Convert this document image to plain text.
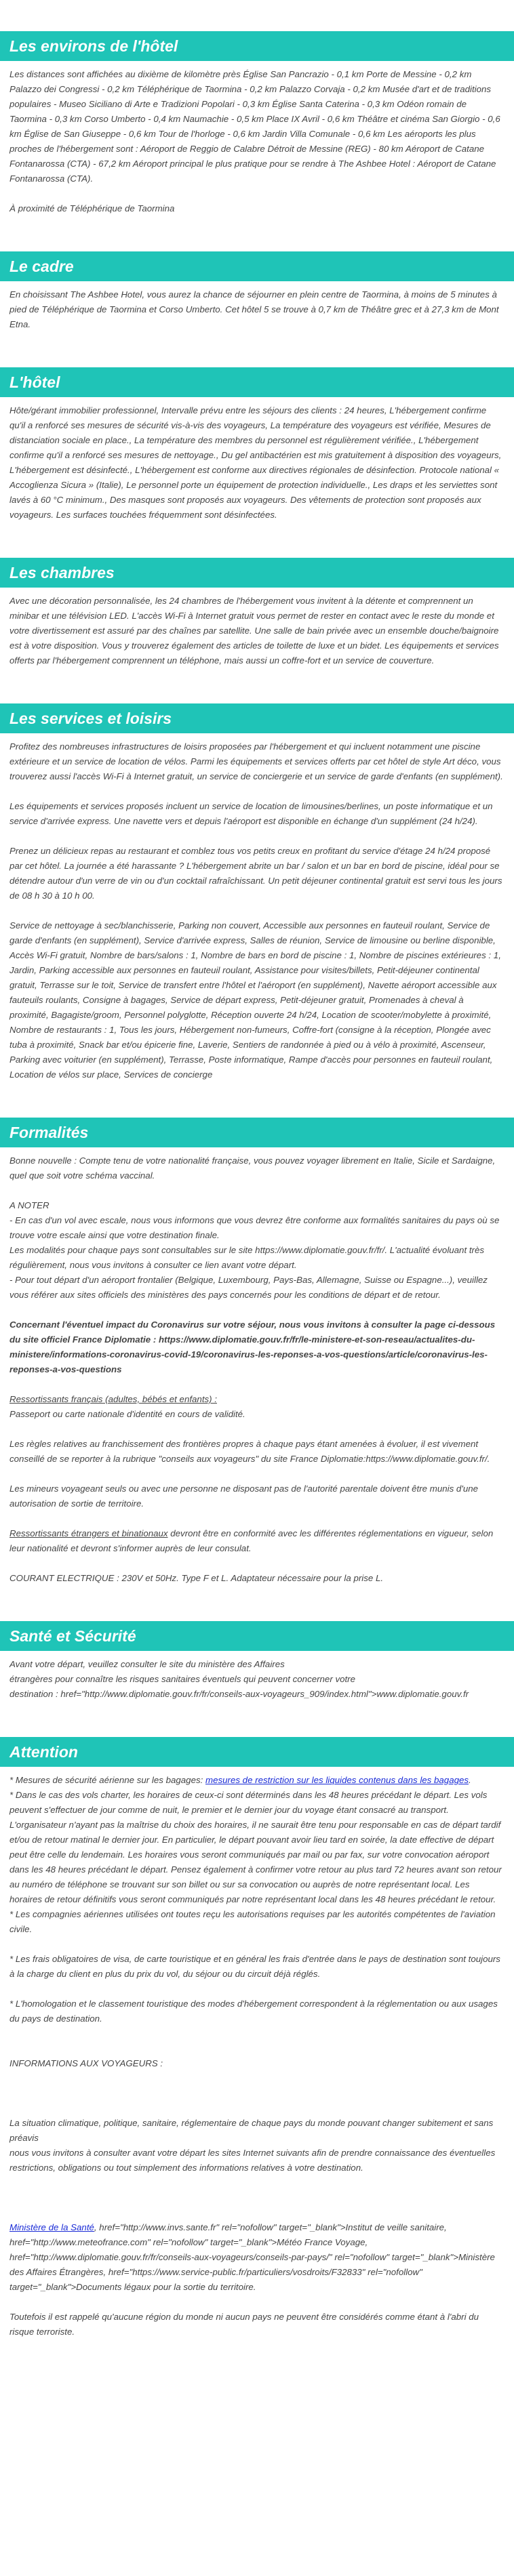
Les environs de l'hôtel

Les distances sont affichées au dixième de kilomètre près Église San Pancrazio - 0,1 km Porte de Messine - 0,2 km Palazzo dei Congressi - 0,2 km Téléphérique de Taormina - 0,2 km Palazzo Corvaja - 0,2 km Musée d'art et de traditions populaires - Museo Siciliano di Arte e Tradizioni Popolari - 0,3 km Église Santa Caterina - 0,3 km Odéon romain de Taormina - 0,3 km Corso Umberto - 0,4 km Naumachie - 0,5 km Place IX Avril - 0,6 km Théâtre et cinéma San Giorgio - 0,6 km Église de San Giuseppe - 0,6 km Tour de l'horloge - 0,6 km Jardin Villa Comunale - 0,6 km Les aéroports les plus proches de l'hébergement sont : Aéroport de Reggio de Calabre Détroit de Messine (REG) - 80 km Aéroport de Catane Fontanarossa (CTA) - 67,2 km Aéroport principal le plus pratique pour se rendre à The Ashbee Hotel : Aéroport de Catane Fontanarossa (CTA).

À proximité de Téléphérique de Taormina

Le cadre

En choisissant The Ashbee Hotel, vous aurez la chance de séjourner en plein centre de Taormina, à moins de 5 minutes à pied de Téléphérique de Taormina et Corso Umberto. Cet hôtel 5 se trouve à 0,7 km de Théâtre grec et à 27,3 km de Mont Etna.

L'hôtel

Hôte/gérant immobilier professionnel, Intervalle prévu entre les séjours des clients : 24 heures, L'hébergement confirme qu'il a renforcé ses mesures de sécurité vis-à-vis des voyageurs, La température des voyageurs est vérifiée, Mesures de distanciation sociale en place., La température des membres du personnel est régulièrement vérifiée., L'hébergement confirme qu'il a renforcé ses mesures de nettoyage., Du gel antibactérien est mis gratuitement à disposition des voyageurs, L'hébergement est désinfecté., L'hébergement est conforme aux directives régionales de désinfection. Protocole national « Accoglienza Sicura » (Italie), Le personnel porte un équipement de protection individuelle., Les draps et les serviettes sont lavés à 60 °C minimum., Des masques sont proposés aux voyageurs. Des vêtements de protection sont proposés aux voyageurs. Les surfaces touchées fréquemment sont désinfectées.

Les chambres

Avec une décoration personnalisée, les 24 chambres de l'hébergement vous invitent à la détente et comprennent un minibar et une télévision LED. L'accès Wi-Fi à Internet gratuit vous permet de rester en contact avec le reste du monde et votre divertissement est assuré par des chaînes par satellite. Une salle de bain privée avec un ensemble douche/baignoire est à votre disposition. Vous y trouverez également des articles de toilette de luxe et un bidet. Les équipements et services offerts par l'hébergement comprennent un téléphone, mais aussi un coffre-fort et un service de couverture.

Les services et loisirs

Profitez des nombreuses infrastructures de loisirs proposées par l'hébergement et qui incluent notamment une piscine extérieure et un service de location de vélos. Parmi les équipements et services offerts par cet hôtel de style Art déco, vous trouverez aussi l'accès Wi-Fi à Internet gratuit, un service de conciergerie et un service de garde d'enfants (en supplément).

Les équipements et services proposés incluent un service de location de limousines/berlines, un poste informatique et un service d'arrivée express. Une navette vers et depuis l'aéroport est disponible en échange d'un supplément (24 h/24).

Prenez un délicieux repas au restaurant et comblez tous vos petits creux en profitant du service d'étage 24 h/24 proposé par cet hôtel. La journée a été harassante ? L'hébergement abrite un bar / salon et un bar en bord de piscine, idéal pour se détendre autour d'un verre de vin ou d'un cocktail rafraîchissant. Un petit déjeuner continental gratuit est servi tous les jours de 08 h 30 à 10 h 00.

Service de nettoyage à sec/blanchisserie, Parking non couvert, Accessible aux personnes en fauteuil roulant, Service de garde d'enfants (en supplément), Service d'arrivée express, Salles de réunion, Service de limousine ou berline disponible, Accès Wi-Fi gratuit, Nombre de bars/salons : 1, Nombre de bars en bord de piscine : 1, Nombre de piscines extérieures : 1, Jardin, Parking accessible aux personnes en fauteuil roulant, Assistance pour visites/billets, Petit-déjeuner continental gratuit, Terrasse sur le toit, Service de transfert entre l'hôtel et l'aéroport (en supplément), Navette aéroport accessible aux fauteuils roulants, Consigne à bagages, Service de départ express, Petit-déjeuner gratuit, Promenades à cheval à proximité, Bagagiste/groom, Personnel polyglotte, Réception ouverte 24 h/24, Location de scooter/mobylette à proximité, Nombre de restaurants : 1, Tous les jours, Hébergement non-fumeurs, Coffre-fort (consigne à la réception, Plongée avec tuba à proximité, Snack bar et/ou épicerie fine, Laverie, Sentiers de randonnée à pied ou à vélo à proximité, Ascenseur, Parking avec voiturier (en supplément), Terrasse, Poste informatique, Rampe d'accès pour personnes en fauteuil roulant, Location de vélos sur place, Services de concierge

Formalités

Bonne nouvelle : Compte tenu de votre nationalité française, vous pouvez voyager librement en Italie, Sicile et Sardaigne, quel que soit votre schéma vaccinal.

A NOTER

- En cas d'un vol avec escale, nous vous informons que vous devrez être conforme aux formalités sanitaires du pays où se trouve votre escale ainsi que votre destination finale.

Les modalités pour chaque pays sont consultables sur le site https://www.diplomatie.gouv.fr/fr/. L'actualité évoluant très régulièrement, nous vous invitons à consulter ce lien avant votre départ.

- Pour tout départ d'un aéroport frontalier (Belgique, Luxembourg, Pays-Bas, Allemagne, Suisse ou Espagne...), veuillez vous référer aux sites officiels des ministères des pays concernés pour les conditions de départ et de retour.

Concernant l'éventuel impact du Coronavirus sur votre séjour, nous vous invitons à consulter la page ci-dessous du site officiel France Diplomatie : https://www.diplomatie.gouv.fr/fr/le-ministere-et-son-reseau/actualites-du-ministere/informations-coronavirus-covid-19/coronavirus-les-reponses-a-vos-questions/article/coronavirus-les-reponses-a-vos-questions

Ressortissants français (adultes, bébés et enfants) :

Passeport ou carte nationale d'identité en cours de validité.

Les règles relatives au franchissement des frontières propres à chaque pays étant amenées à évoluer, il est vivement conseillé de se reporter à la rubrique "conseils aux voyageurs" du site France Diplomatie:https://www.diplomatie.gouv.fr/.

Les mineurs voyageant seuls ou avec une personne ne disposant pas de l'autorité parentale doivent être munis d'une autorisation de sortie de territoire.

Ressortissants étrangers et binationaux devront être en conformité avec les différentes réglementations en vigueur, selon leur nationalité et devront s'informer auprès de leur consulat.

COURANT ELECTRIQUE : 230V et 50Hz. Type F et L. Adaptateur nécessaire pour la prise L.

Santé et Sécurité

Avant votre départ, veuillez consulter le site du ministère des Affaires

étrangères pour connaître les risques sanitaires éventuels qui peuvent concerner votre

destination : href="http://www.diplomatie.gouv.fr/fr/conseils-aux-voyageurs_909/index.html">www.diplomatie.gouv.fr

Attention

* Mesures de sécurité aérienne sur les bagages: mesures de restriction sur les liquides contenus dans les bagages.

* Dans le cas des vols charter, les horaires de ceux-ci sont déterminés dans les 48 heures précédant le départ. Les vols peuvent s'effectuer de jour comme de nuit, le premier et le dernier jour du voyage étant consacré au transport. L'organisateur n'ayant pas la maîtrise du choix des horaires, il ne saurait être tenu pour responsable en cas de départ tardif et/ou de retour matinal le dernier jour. En particulier, le départ pouvant avoir lieu tard en soirée, la date effective de départ peut être celle du lendemain. Les horaires vous seront communiqués par mail ou par fax, sur votre convocation aéroport dans les 48 heures précédant le départ. Pensez également à confirmer votre retour au plus tard 72 heures avant son retour au numéro de téléphone se trouvant sur son billet ou sur sa convocation ou auprès de notre représentant local. Les horaires de retour définitifs vous seront communiqués par notre représentant local dans les 48 heures précédant le retour.

* Les compagnies aériennes utilisées ont toutes reçu les autorisations requises par les autorités compétentes de l'aviation civile.

* Les frais obligatoires de visa, de carte touristique et en général les frais d'entrée dans le pays de destination sont toujours à la charge du client en plus du prix du vol, du séjour ou du circuit déjà réglés.

* L'homologation et le classement touristique des modes d'hébergement correspondent à la réglementation ou aux usages du pays de destination.

INFORMATIONS AUX VOYAGEURS :

La situation climatique, politique, sanitaire, réglementaire de chaque pays du monde pouvant changer subitement et sans préavis

nous vous invitons à consulter avant votre départ les sites Internet suivants afin de prendre connaissance des éventuelles restrictions, obligations ou tout simplement des informations relatives à votre destination.

Ministère de la Santé, href="http://www.invs.sante.fr" rel="nofollow" target="_blank">Institut de veille sanitaire, href="http://www.meteofrance.com" rel="nofollow" target="_blank">Météo France Voyage, href="http://www.diplomatie.gouv.fr/fr/conseils-aux-voyageurs/conseils-par-pays/" rel="nofollow" target="_blank">Ministère des Affaires Étrangères, href="https://www.service-public.fr/particuliers/vosdroits/F32833" rel="nofollow" target="_blank">Documents légaux pour la sortie du territoire.

Toutefois il est rappelé qu'aucune région du monde ni aucun pays ne peuvent être considérés comme étant à l'abri du risque terroriste.
